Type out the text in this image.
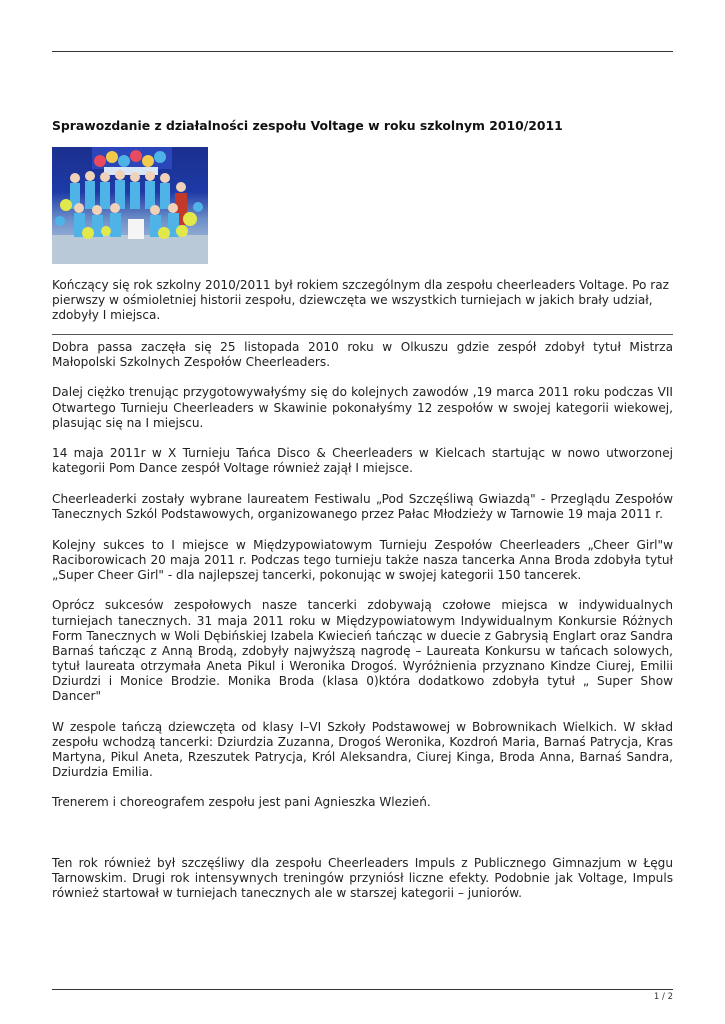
Sprawozdanie z działalności zespołu Voltage w roku szkolnym 2010/2011

Kończący się rok szkolny 2010/2011 był rokiem szczególnym dla zespołu cheerleaders Voltage. Po raz pierwszy w ośmioletniej historii zespołu, dziewczęta we wszystkich turniejach w jakich brały udział, zdobyły I miejsca.

Dobra passa zaczęła się 25 listopada 2010 roku w Olkuszu gdzie zespół zdobył tytuł Mistrza Małopolski Szkolnych Zespołów Cheerleaders.

Dalej ciężko trenując przygotowywałyśmy się do kolejnych zawodów ,19 marca 2011 roku podczas VII Otwartego Turnieju Cheerleaders w Skawinie pokonałyśmy 12 zespołów w swojej kategorii wiekowej, plasując się na I miejscu.

14 maja 2011r w X Turnieju Tańca Disco & Cheerleaders w Kielcach startując w nowo utworzonej kategorii Pom Dance zespół Voltage również zajął I miejsce.

Cheerleaderki zostały wybrane laureatem Festiwalu „Pod Szczęśliwą Gwiazdą" - Przeglądu Zespołów Tanecznych Szkól Podstawowych, organizowanego przez Pałac Młodzieży w Tarnowie 19 maja 2011 r.

Kolejny sukces to I miejsce w Międzypowiatowym Turnieju Zespołów Cheerleaders „Cheer Girl"w Raciborowicach 20 maja 2011 r. Podczas tego turnieju także nasza tancerka Anna Broda zdobyła tytuł „Super Cheer Girl" - dla najlepszej tancerki, pokonując w swojej kategorii 150 tancerek.

Oprócz sukcesów zespołowych nasze tancerki zdobywają czołowe miejsca w indywidualnych turniejach tanecznych. 31 maja 2011 roku w Międzypowiatowym Indywidualnym Konkursie Różnych Form Tanecznych w Woli Dębińskiej Izabela Kwiecień tańcząc w duecie z Gabrysią Englart oraz Sandra Barnaś tańcząc z Anną Brodą, zdobyły najwyższą nagrodę – Laureata Konkursu w tańcach solowych, tytuł laureata otrzymała Aneta Pikul i Weronika Drogoś. Wyróżnienia przyznano Kindze Ciurej, Emilii Dziurdzi i Monice Brodzie. Monika Broda (klasa 0)która dodatkowo zdobyła tytuł „ Super Show Dancer"

W zespole tańczą dziewczęta od klasy I–VI Szkoły Podstawowej w Bobrownikach Wielkich. W skład zespołu wchodzą tancerki: Dziurdzia Zuzanna, Drogoś Weronika, Kozdroń Maria, Barnaś Patrycja, Kras Martyna, Pikul Aneta, Rzeszutek Patrycja, Król Aleksandra, Ciurej Kinga, Broda Anna, Barnaś Sandra, Dziurdzia Emilia.

Trenerem i choreografem zespołu jest pani Agnieszka Wlezień.

Ten rok również był szczęśliwy dla zespołu Cheerleaders Impuls z Publicznego Gimnazjum w Łęgu Tarnowskim. Drugi rok intensywnych treningów przyniósł liczne efekty. Podobnie jak Voltage, Impuls również startował w turniejach tanecznych ale w starszej kategorii – juniorów.

1 / 2
